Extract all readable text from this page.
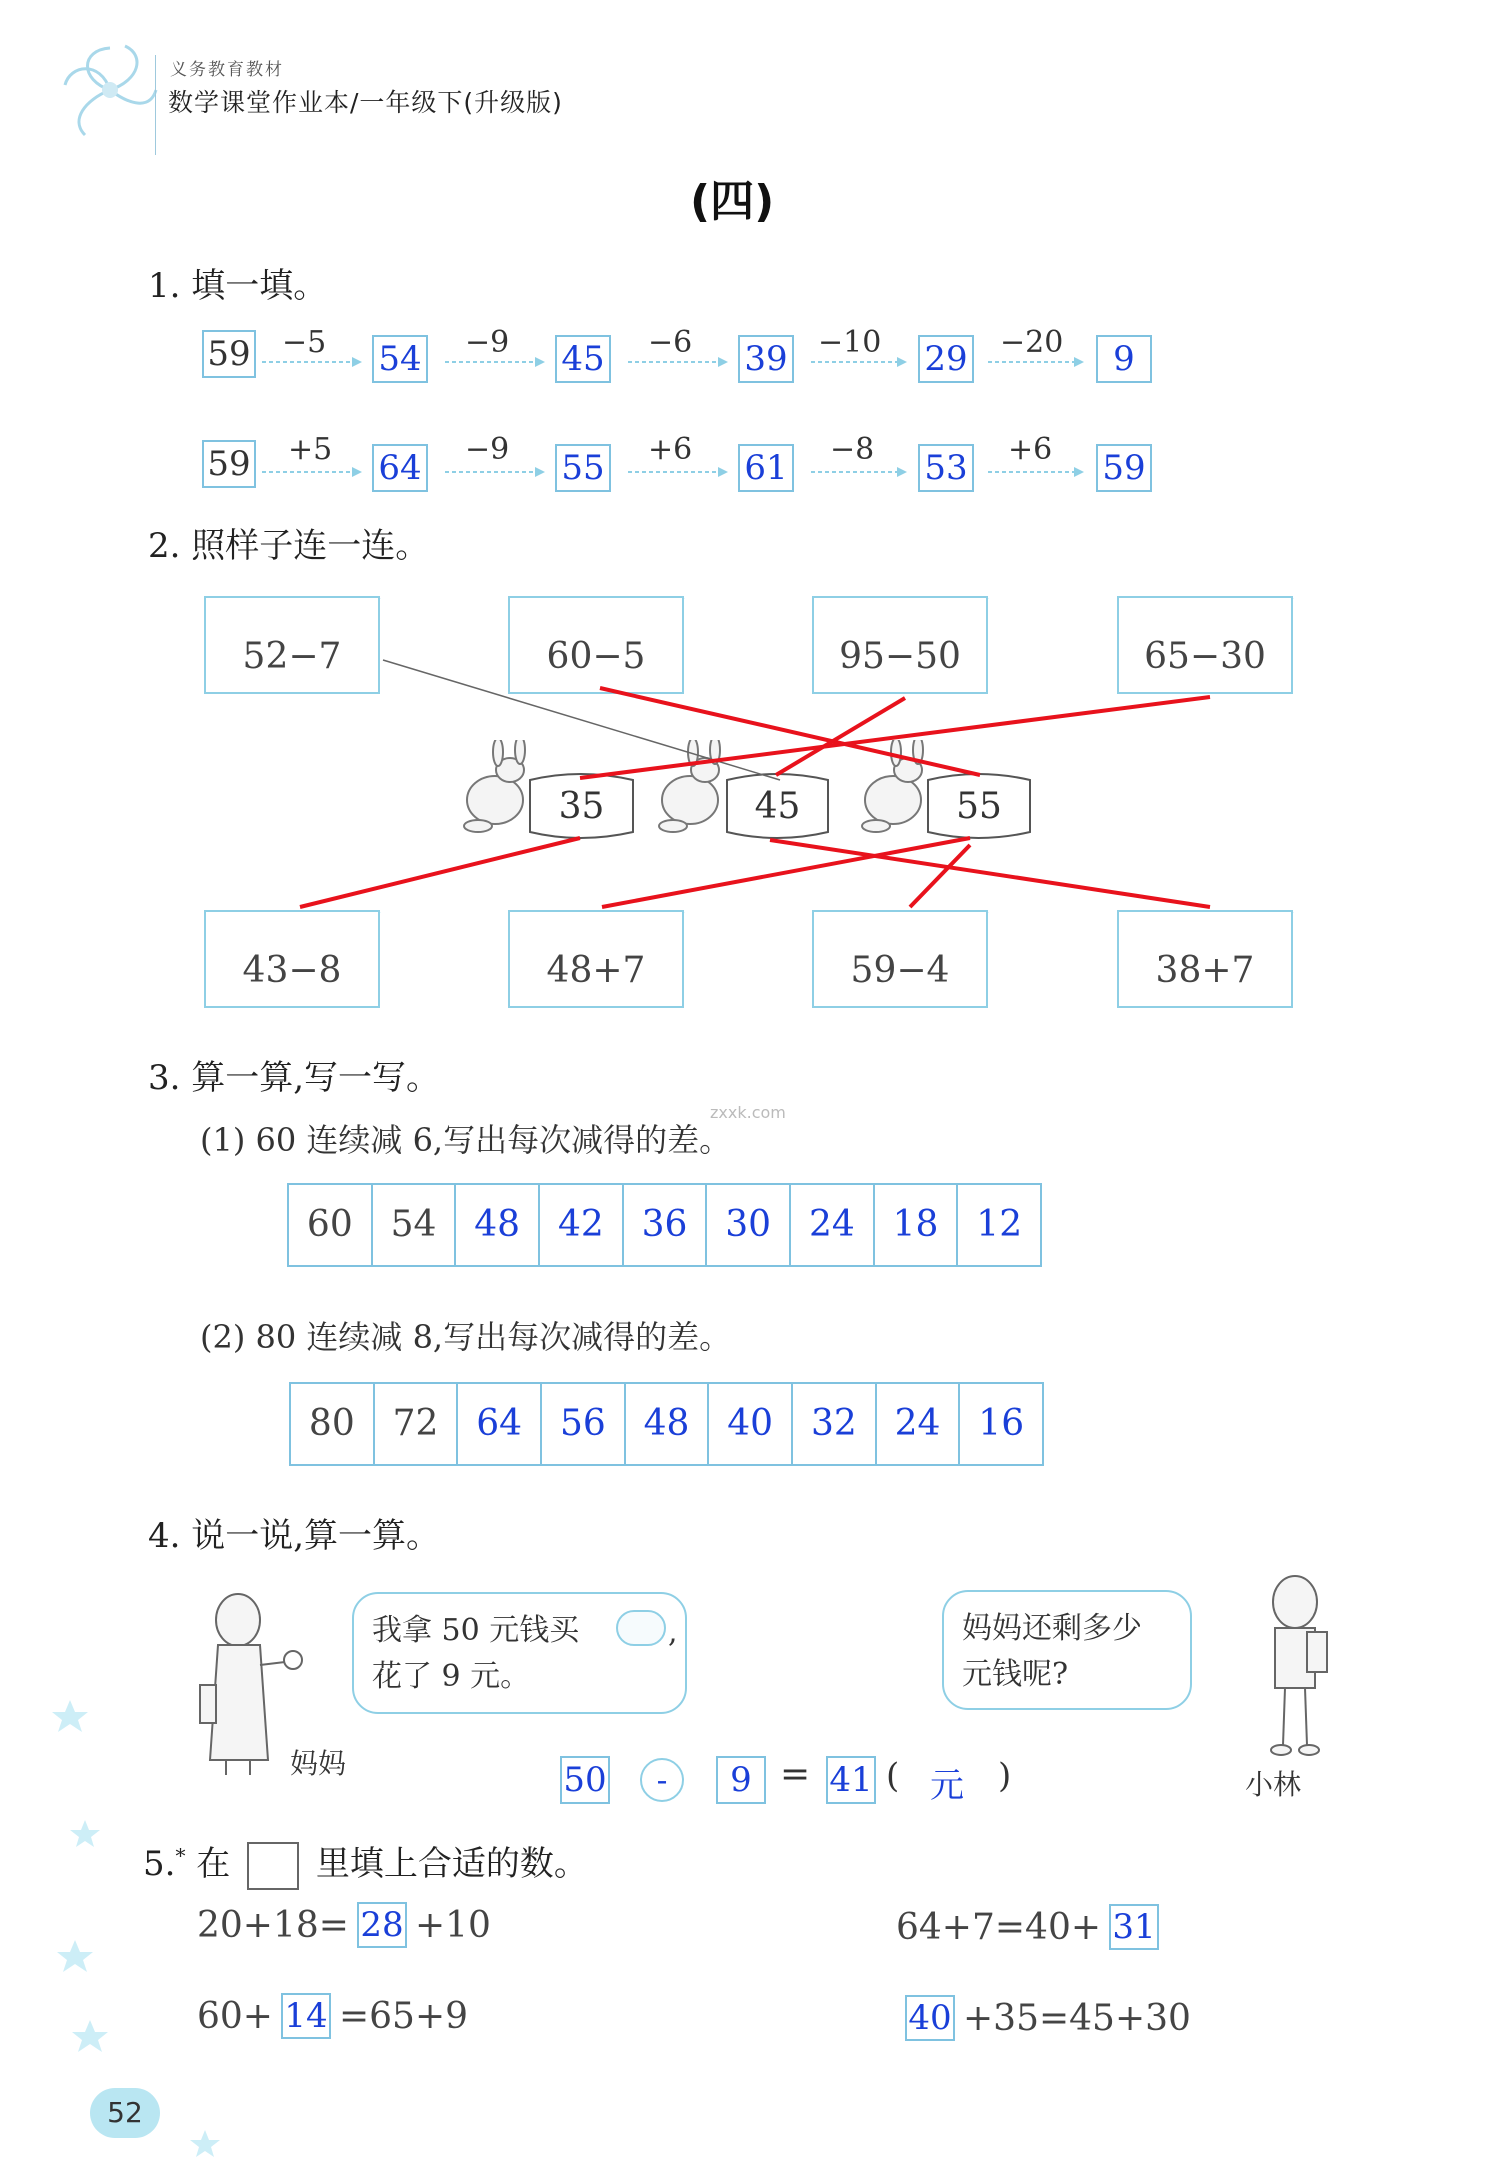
义务教育教材
数学课堂作业本/一年级下(升级版)
(四)
1. 填一填。
59 −5 54 −9 45 −6 39 −10 29 −20	9
59 +5 64 −9 55 +6 61 −8 53 +6 59
2. 照样子连一连。
52−7	60−5	95−50	65−30
43−8	48+7	59−4	38+7
35	45	55
3. 算一算,写一写。
zxxk.com
(1) 60 连续减 6,写出每次减得的差。
60	54	48	42	36	30	24	18	12
(2) 80 连续减 8,写出每次减得的差。
80	72	64	56	48	40	32	24	16
4. 说一说,算一算。
妈妈
我拿 50 元钱买	,
花了 9 元。
妈妈还剩多少
元钱呢?
小林
50	-	9 = 41 ( 元 )
5.* 在	里填上合适的数。
20+18= 28 +10	64+7=40+ 31
60+ 14 =65+9	40 +35=45+30
52
